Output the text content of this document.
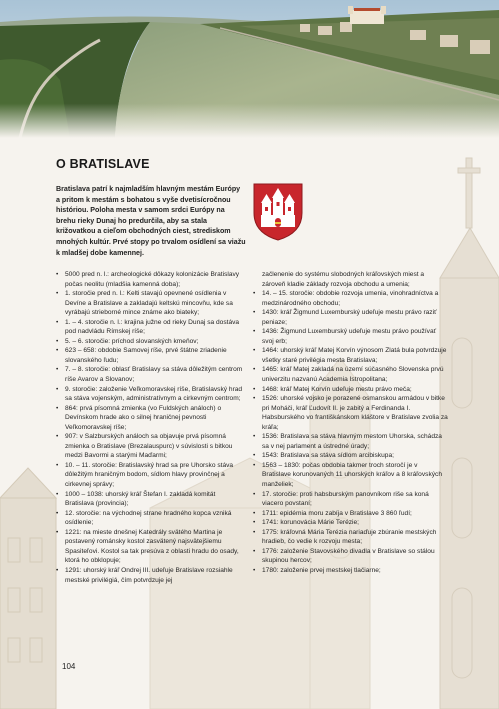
O BRATISLAVE

Bratislava patrí k najmladším hlavným mestám Európy a pritom k mestám s bohatou s vyše dvetisícročnou históriou. Poloha mesta v samom srdci Európy na brehu rieky Dunaj ho predurčila, aby sa stala križovatkou a cieľom obchodných ciest, strediskom mnohých kultúr. Prvé stopy po trvalom osídlení sa viažu k mladšej dobe kamennej.

• 5000 pred n. l.: archeologické dôkazy kolonizácie Bratislavy počas neolitu (mladšia kamenná doba);
• 1. storočie pred n. l.: Kelti stavajú opevnené osídlenia v Devíne a Bratislave a zakladajú keltskú mincovňu, kde sa vyrábajú strieborné mince známe ako biateky;
• 1. – 4. storočie n. l.: krajina južne od rieky Dunaj sa dostáva pod nadvládu Rímskej ríše;
• 5. – 6. storočie: príchod slovanských kmeňov;
• 623 – 658: obdobie Samovej ríše, prvé štátne zriadenie slovanského ľudu;
• 7. – 8. storočie: oblasť Bratislavy sa stáva dôležitým centrom ríše Avarov a Slovanov;
• 9. storočie: založenie Veľkomoravskej ríše, Bratislavský hrad sa stáva vojenským, administratívnym a cirkevným centrom;
• 864: prvá písomná zmienka (vo Fuldských análoch) o Devínskom hrade ako o silnej hraničnej pevnosti Veľkomoravskej ríše;
• 907: v Salzburských análoch sa objavuje prvá písomná zmienka o Bratislave (Brezalauspurc) v súvislosti s bitkou medzi Bavormi a starými Maďarmi;
• 10. – 11. storočie: Bratislavský hrad sa pre Uhorsko stáva dôležitým hraničným bodom, sídlom hlavy provinčnej a cirkevnej správy;
• 1000 – 1038: uhorský kráľ Štefan I. zakladá komitát Bratislava (provincia);
• 12. storočie: na východnej strane hradného kopca vzniká osídlenie;
• 1221: na mieste dnešnej Katedrály svätého Martina je postavený románsky kostol zasvätený najsvätejšiemu Spasiteľovi. Kostol sa tak presúva z oblasti hradu do osady, ktorá ho obklopuje;
• 1291: uhorský kráľ Ondrej III. udeľuje Bratislave rozsiahle mestské privilégiá, čím potvrdzuje jej
začlenenie do systému slobodných kráľovských miest a zároveň kladie základy rozvoja obchodu a umenia;
• 14. – 15. storočie: obdobie rozvoja umenia, vinohradníctva a medzinárodného obchodu;
• 1430: kráľ Žigmund Luxemburský udeľuje mestu právo raziť peniaze;
• 1436: Žigmund Luxemburský udeľuje mestu právo používať svoj erb;
• 1464: uhorský kráľ Matej Korvín výnosom Zlatá bula potvrdzuje všetky staré privilégia mesta Bratislava;
• 1465: kráľ Matej zakladá na území súčasného Slovenska prvú univerzitu nazvanú Academia Istropolitana;
• 1468: kráľ Matej Korvín udeľuje mestu právo meča;
• 1526: uhorské vojsko je porazené osmanskou armádou v bitke pri Moháči, kráľ Ľudovít II. je zabitý a Ferdinanda I. Habsburského vo františkánskom kláštore v Bratislave zvolia za kráľa;
• 1536: Bratislava sa stáva hlavným mestom Uhorska, schádza sa v nej parlament a ústredné úrady;
• 1543: Bratislava sa stáva sídlom arcibiskupa;
• 1563 – 1830: počas obdobia takmer troch storočí je v Bratislave korunovaných 11 uhorských kráľov a 8 kráľovských manželiek;
• 17. storočie: proti habsburským panovníkom riše sa koná viacero povstaní;
• 1711: epidémia moru zabíja v Bratislave 3 860 ľudí;
• 1741: korunovácia Márie Terézie;
• 1775: kráľovná Mária Terézia nariaďuje zbúranie mestských hradieb, čo vedie k rozvoju mesta;
• 1776: založenie Stavovského divadla v Bratislave so stálou skupinou hercov;
• 1780: založenie prvej mestskej tlačiarne;
104
